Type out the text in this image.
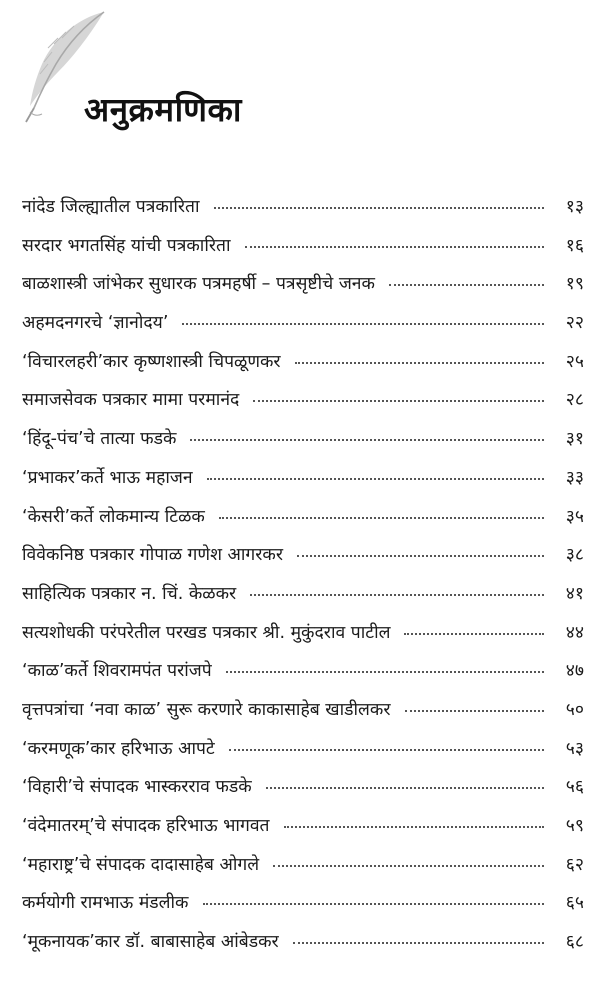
अनुक्रमणिका
नांदेड जिल्ह्यातील पत्रकारिता	१३
सरदार भगतसिंह यांची पत्रकारिता	१६
बाळशास्त्री जांभेकर सुधारक पत्रमहर्षी – पत्रसृष्टीचे जनक	१९
अहमदनगरचे ‘ज्ञानोदय’	२२
‘विचारलहरी’कार कृष्णशास्त्री चिपळूणकर	२५
समाजसेवक पत्रकार मामा परमानंद	२८
‘हिंदू-पंच’चे तात्या फडके	३१
‘प्रभाकर’कर्ते भाऊ महाजन	३३
‘केसरी’कर्ते लोकमान्य टिळक	३५
विवेकनिष्ठ पत्रकार गोपाळ गणेश आगरकर	३८
साहित्यिक पत्रकार न. चिं. केळकर	४१
सत्यशोधकी परंपरेतील परखड पत्रकार श्री. मुकुंदराव पाटील	४४
‘काळ’कर्ते शिवरामपंत परांजपे	४७
वृत्तपत्रांचा ‘नवा काळ’ सुरू करणारे काकासाहेब खाडीलकर	५०
‘करमणूक’कार हरिभाऊ आपटे	५३
‘विहारी’चे संपादक भास्करराव फडके	५६
‘वंदेमातरम्’चे संपादक हरिभाऊ भागवत	५९
‘महाराष्ट्र’चे संपादक दादासाहेब ओगले	६२
कर्मयोगी रामभाऊ मंडलीक	६५
‘मूकनायक’कार डॉ. बाबासाहेब आंबेडकर	६८
